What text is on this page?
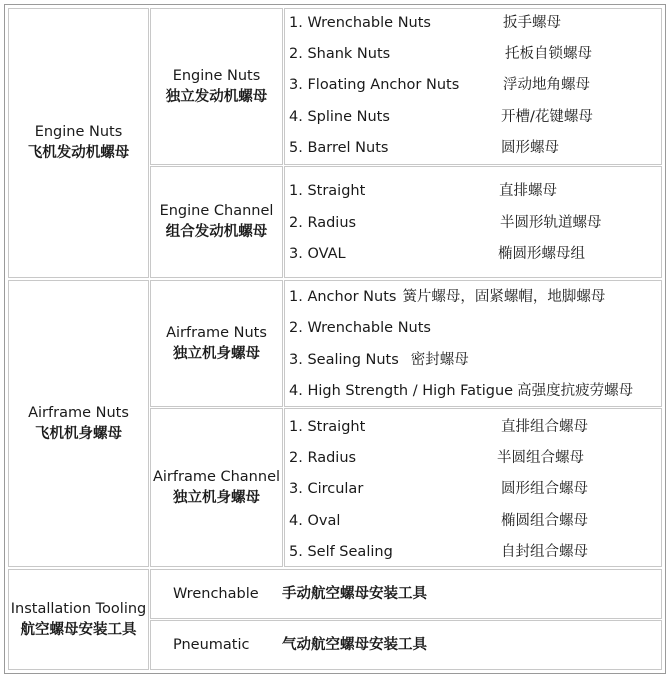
Engine Nuts
飞机发动机螺母
Engine Nuts
独立发动机螺母
1. Wrenchable Nuts	扳手螺母
2. Shank Nuts	托板自锁螺母
3. Floating Anchor Nuts	浮动地角螺母
4. Spline Nuts	开槽/花键螺母
5. Barrel Nuts	圆形螺母
Engine Channel
组合发动机螺母
1. Straight	直排螺母
2. Radius	半圆形轨道螺母
3. OVAL	椭圆形螺母组
Airframe Nuts
飞机机身螺母
Airframe Nuts
独立机身螺母
1. Anchor Nuts 簧片螺母，固紧螺帽，地脚螺母
2. Wrenchable Nuts
3. Sealing Nuts 密封螺母
4. High Strength / High Fatigue 高强度抗疲劳螺母
Airframe Channel
独立机身螺母
1. Straight	直排组合螺母
2. Radius	半圆组合螺母
3. Circular	圆形组合螺母
4. Oval	椭圆组合螺母
5. Self Sealing	自封组合螺母
Installation Tooling
航空螺母安装工具
Wrenchable 手动航空螺母安装工具
Pneumatic 气动航空螺母安装工具
